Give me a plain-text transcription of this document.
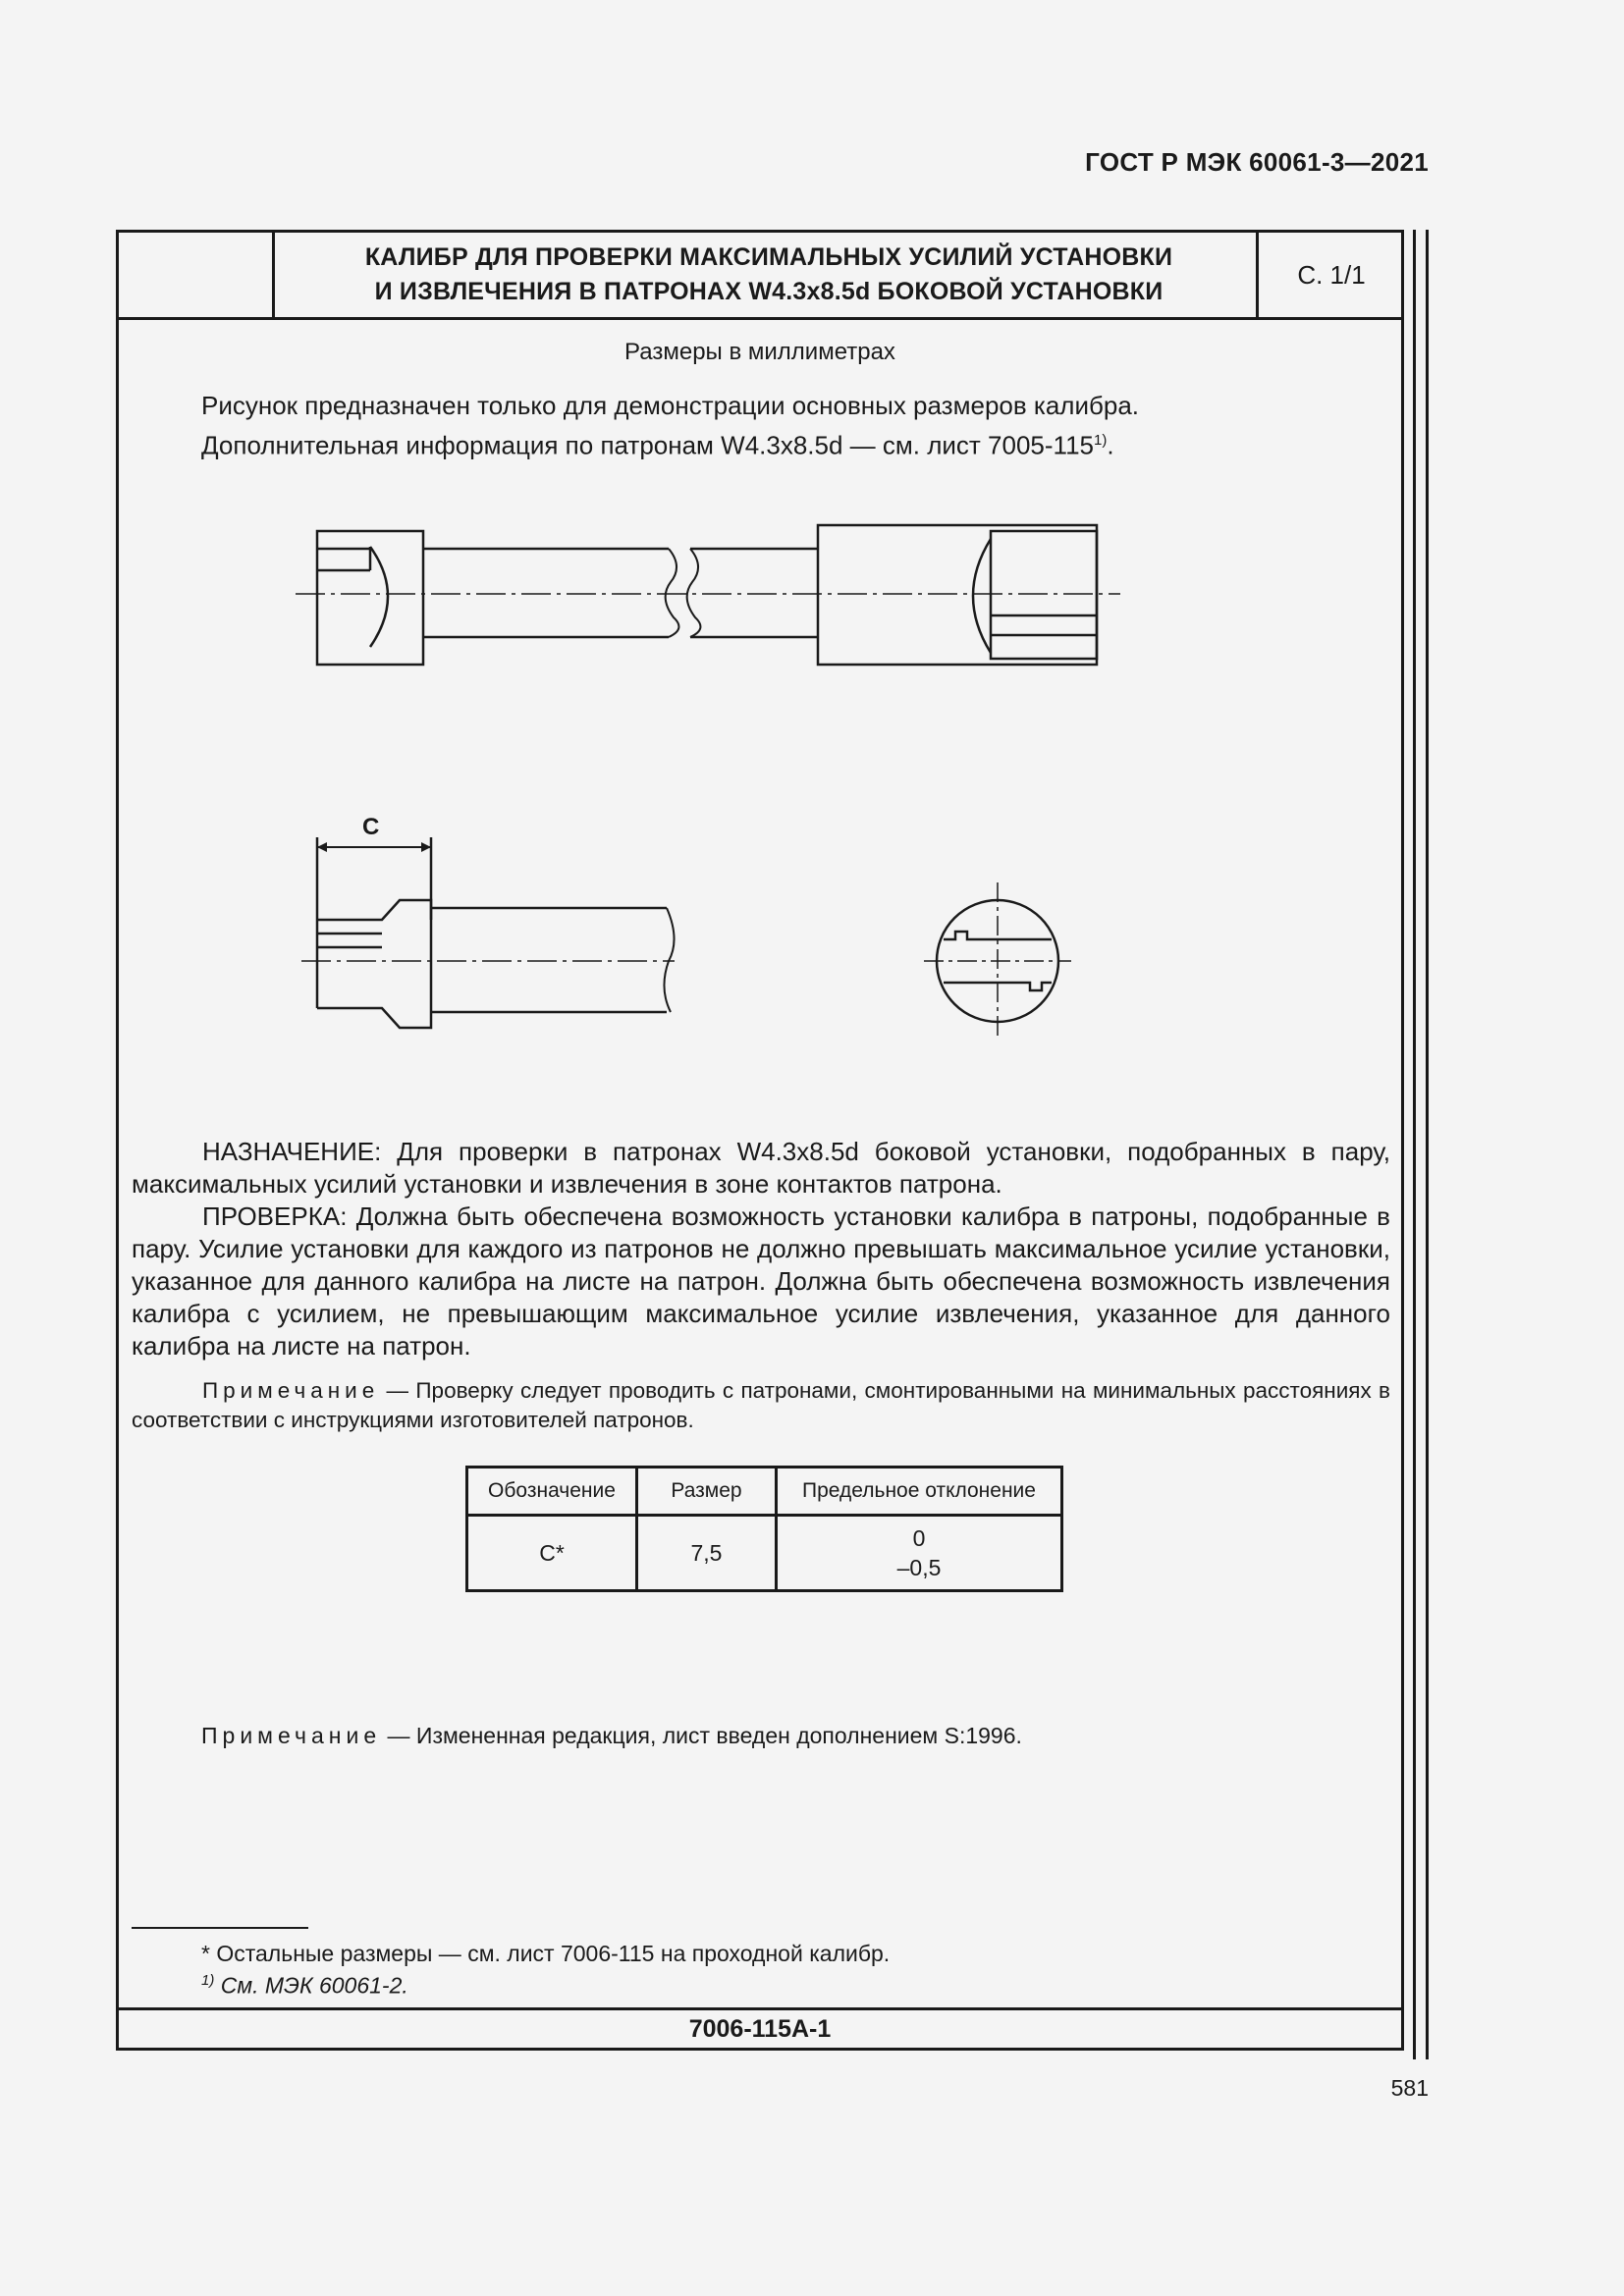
ГОСТ Р МЭК 60061-3—2021
КАЛИБР ДЛЯ ПРОВЕРКИ МАКСИМАЛЬНЫХ УСИЛИЙ УСТАНОВКИ
И ИЗВЛЕЧЕНИЯ В ПАТРОНАХ W4.3x8.5d БОКОВОЙ УСТАНОВКИ
С. 1/1
Размеры в миллиметрах

Рисунок предназначен только для демонстрации основных размеров калибра.

Дополнительная информация по патронам W4.3x8.5d — см. лист 7005-115$^{1)}$.

C

НАЗНАЧЕНИЕ: Для проверки в патронах W4.3x8.5d боковой установки, подобранных в пару, максимальных усилий установки и извлечения в зоне контактов патрона.

ПРОВЕРКА: Должна быть обеспечена возможность установки калибра в патроны, подобранные в пару. Усилие установки для каждого из патронов не должно превышать максимальное усилие установки, указанное для данного калибра на листе на патрон. Должна быть обеспечена возможность извлечения калибра с усилием, не превышающим максимальное усилие извлечения, указанное для данного калибра на листе на патрон.

Примечание — Проверку следует проводить с патронами, смонтированными на минимальных расстояниях в соответствии с инструкциями изготовителей патронов.
Обозначение	Размер	Предельное отклонение
C*	7,5	0
–0,5
Примечание — Измененная редакция, лист введен дополнением S:1996.
* Остальные размеры — см. лист 7006-115 на проходной калибр.
$^{1)}$ См. МЭК 60061-2.
7006-115A-1
581
